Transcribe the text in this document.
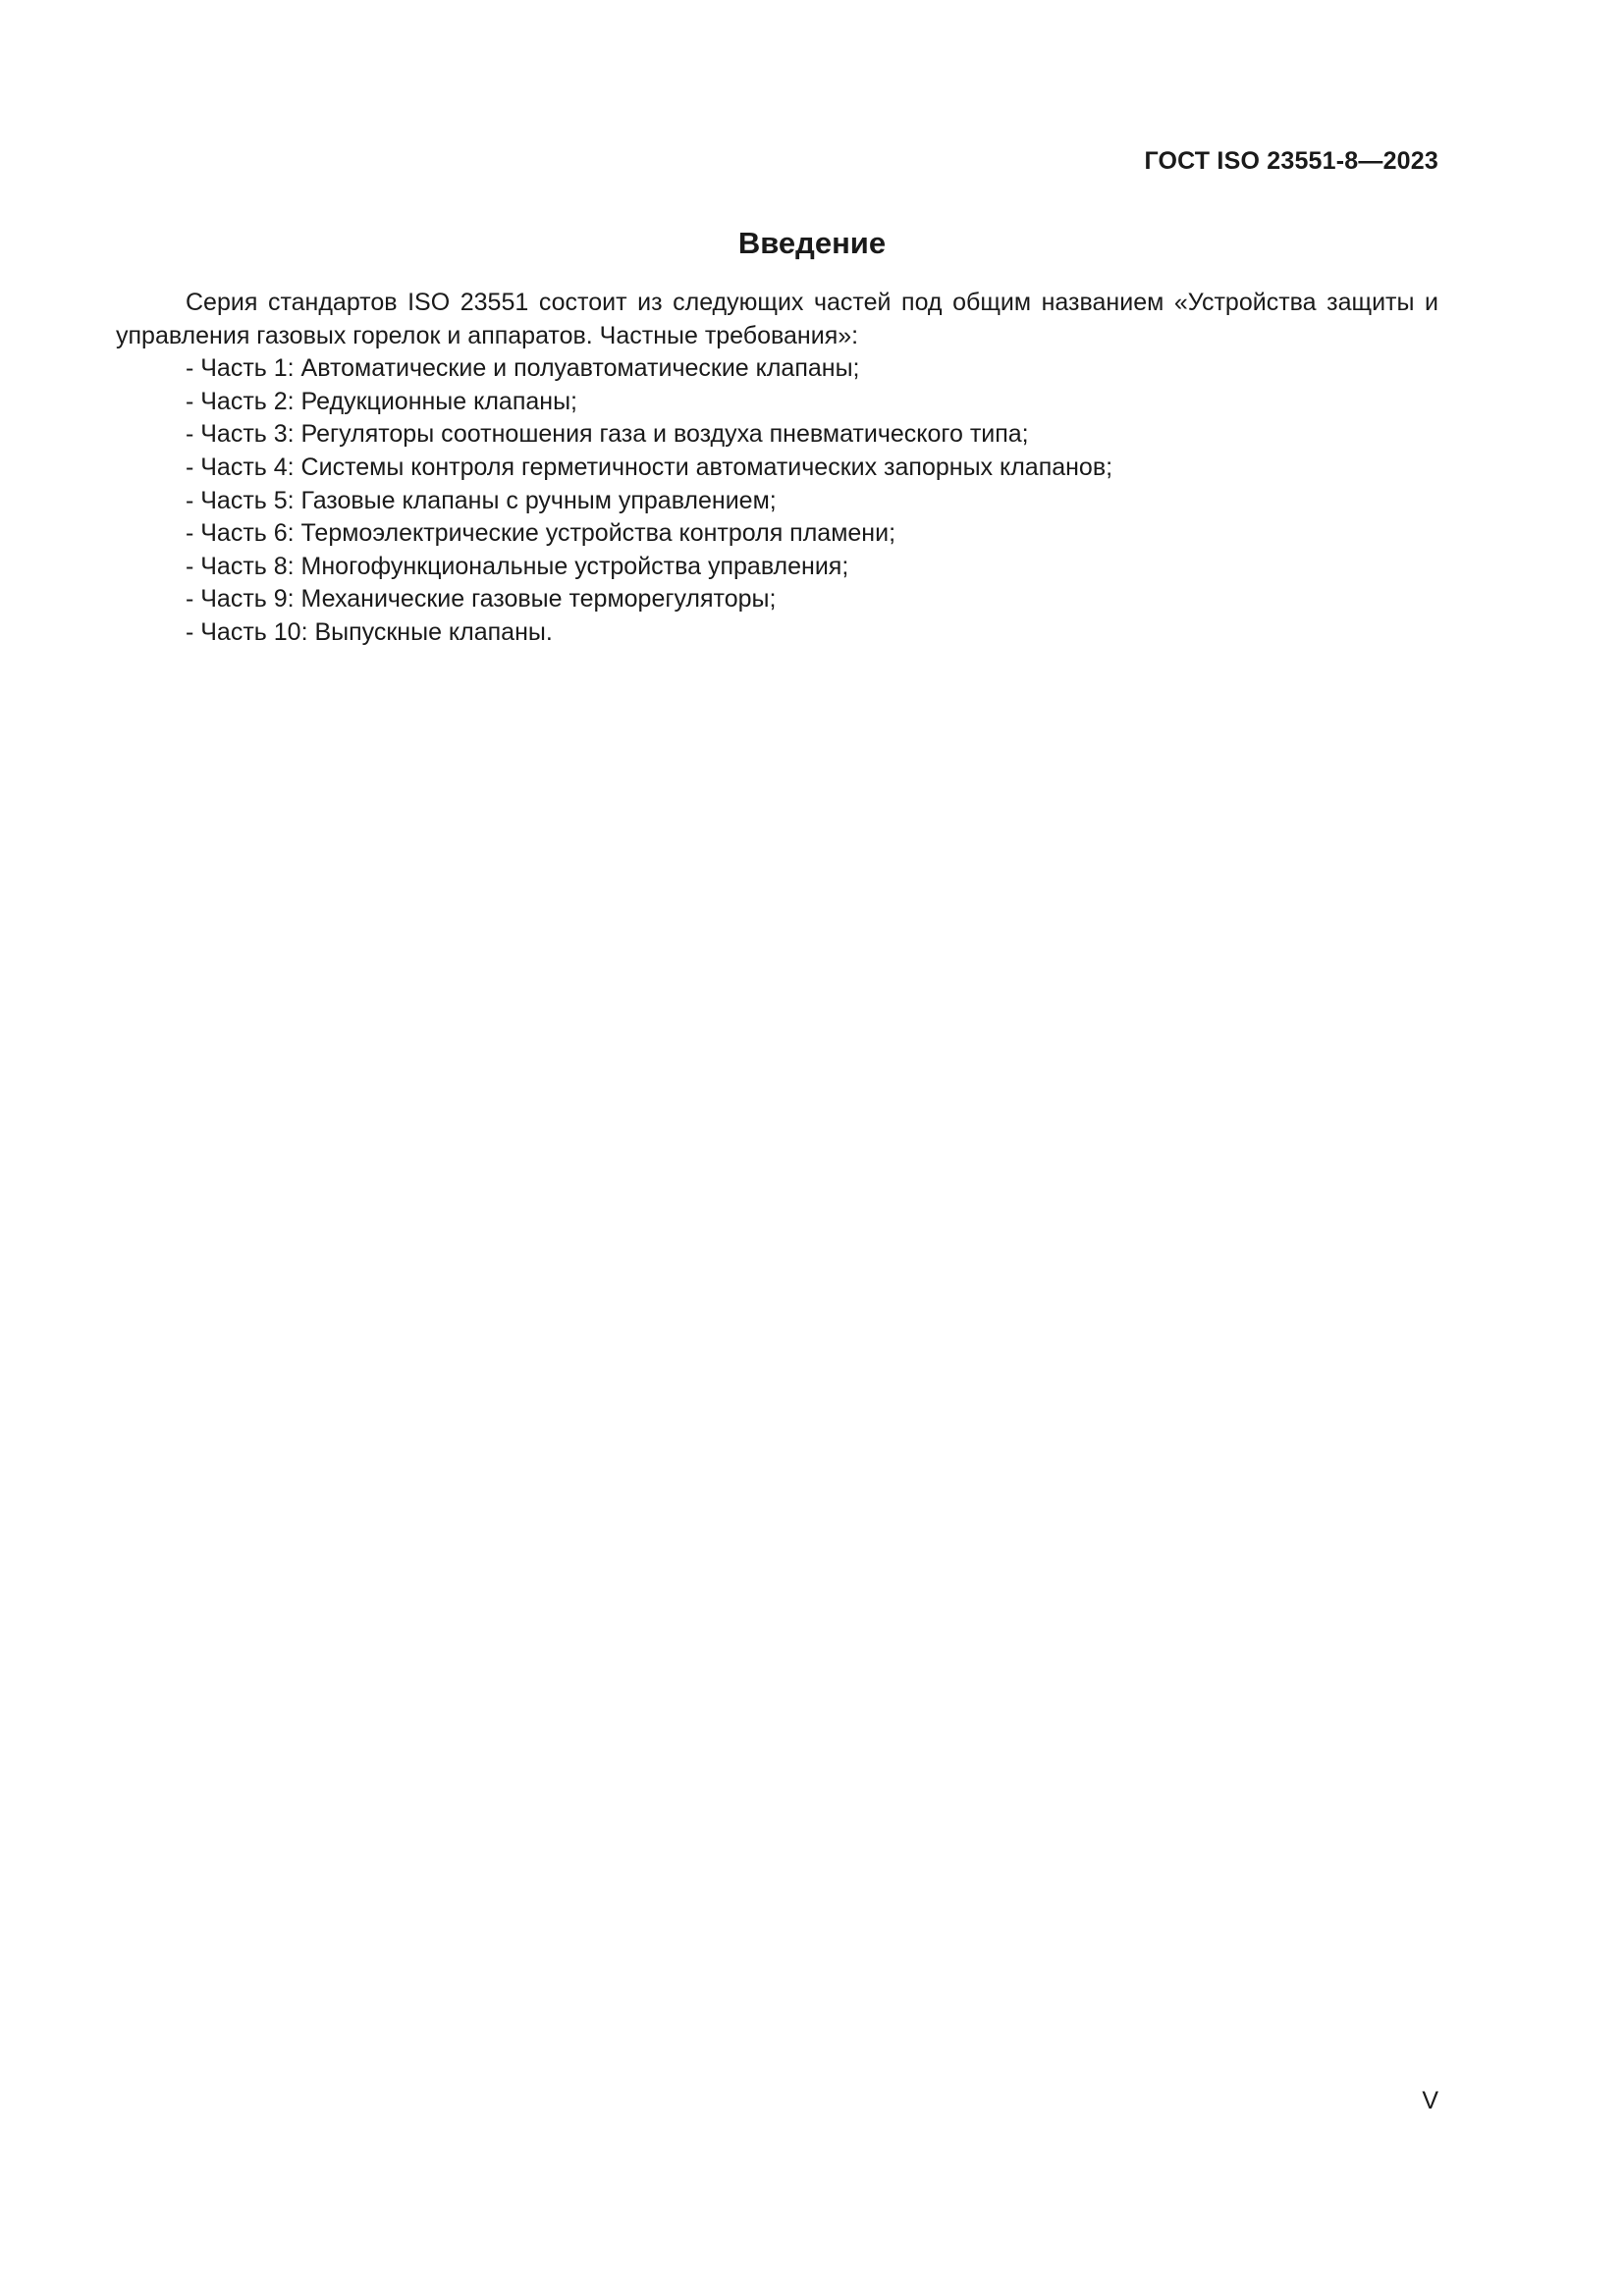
ГОСТ ISO 23551-8—2023
Введение

Серия стандартов ISO 23551 состоит из следующих частей под общим названием «Устройства защиты и управления газовых горелок и аппаратов. Частные требования»:

- Часть 1: Автоматические и полуавтоматические клапаны;
- Часть 2: Редукционные клапаны;
- Часть 3: Регуляторы соотношения газа и воздуха пневматического типа;
- Часть 4: Системы контроля герметичности автоматических запорных клапанов;
- Часть 5: Газовые клапаны с ручным управлением;
- Часть 6: Термоэлектрические устройства контроля пламени;
- Часть 8: Многофункциональные устройства управления;
- Часть 9: Механические газовые терморегуляторы;
- Часть 10: Выпускные клапаны.
V
